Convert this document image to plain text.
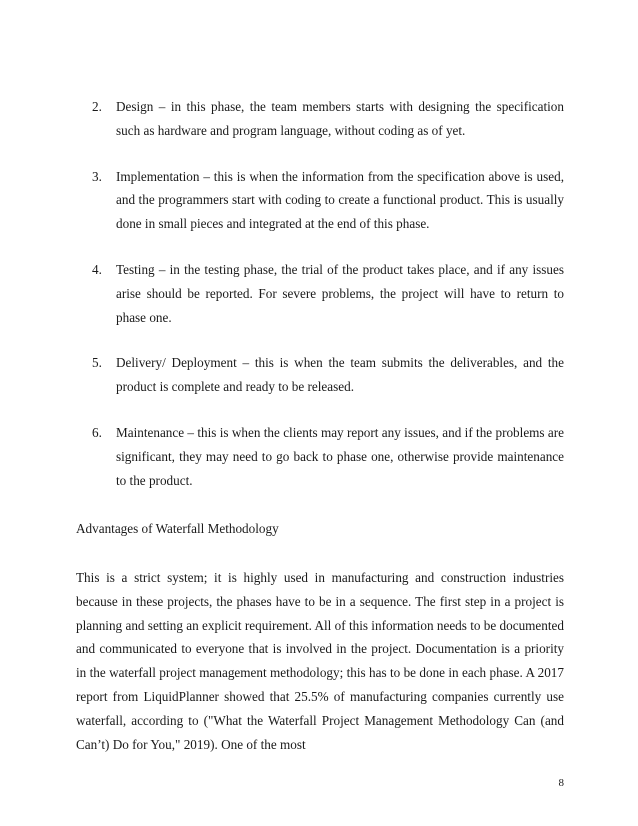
2. Design – in this phase, the team members starts with designing the specification such as hardware and program language, without coding as of yet.
3. Implementation – this is when the information from the specification above is used, and the programmers start with coding to create a functional product. This is usually done in small pieces and integrated at the end of this phase.
4. Testing – in the testing phase, the trial of the product takes place, and if any issues arise should be reported. For severe problems, the project will have to return to phase one.
5. Delivery/ Deployment – this is when the team submits the deliverables, and the product is complete and ready to be released.
6. Maintenance – this is when the clients may report any issues, and if the problems are significant, they may need to go back to phase one, otherwise provide maintenance to the product.
Advantages of Waterfall Methodology

This is a strict system; it is highly used in manufacturing and construction industries because in these projects, the phases have to be in a sequence. The first step in a project is planning and setting an explicit requirement. All of this information needs to be documented and communicated to everyone that is involved in the project. Documentation is a priority in the waterfall project management methodology; this has to be done in each phase. A 2017 report from LiquidPlanner showed that 25.5% of manufacturing companies currently use waterfall, according to ("What the Waterfall Project Management Methodology Can (and Can’t) Do for You," 2019). One of the most

8
